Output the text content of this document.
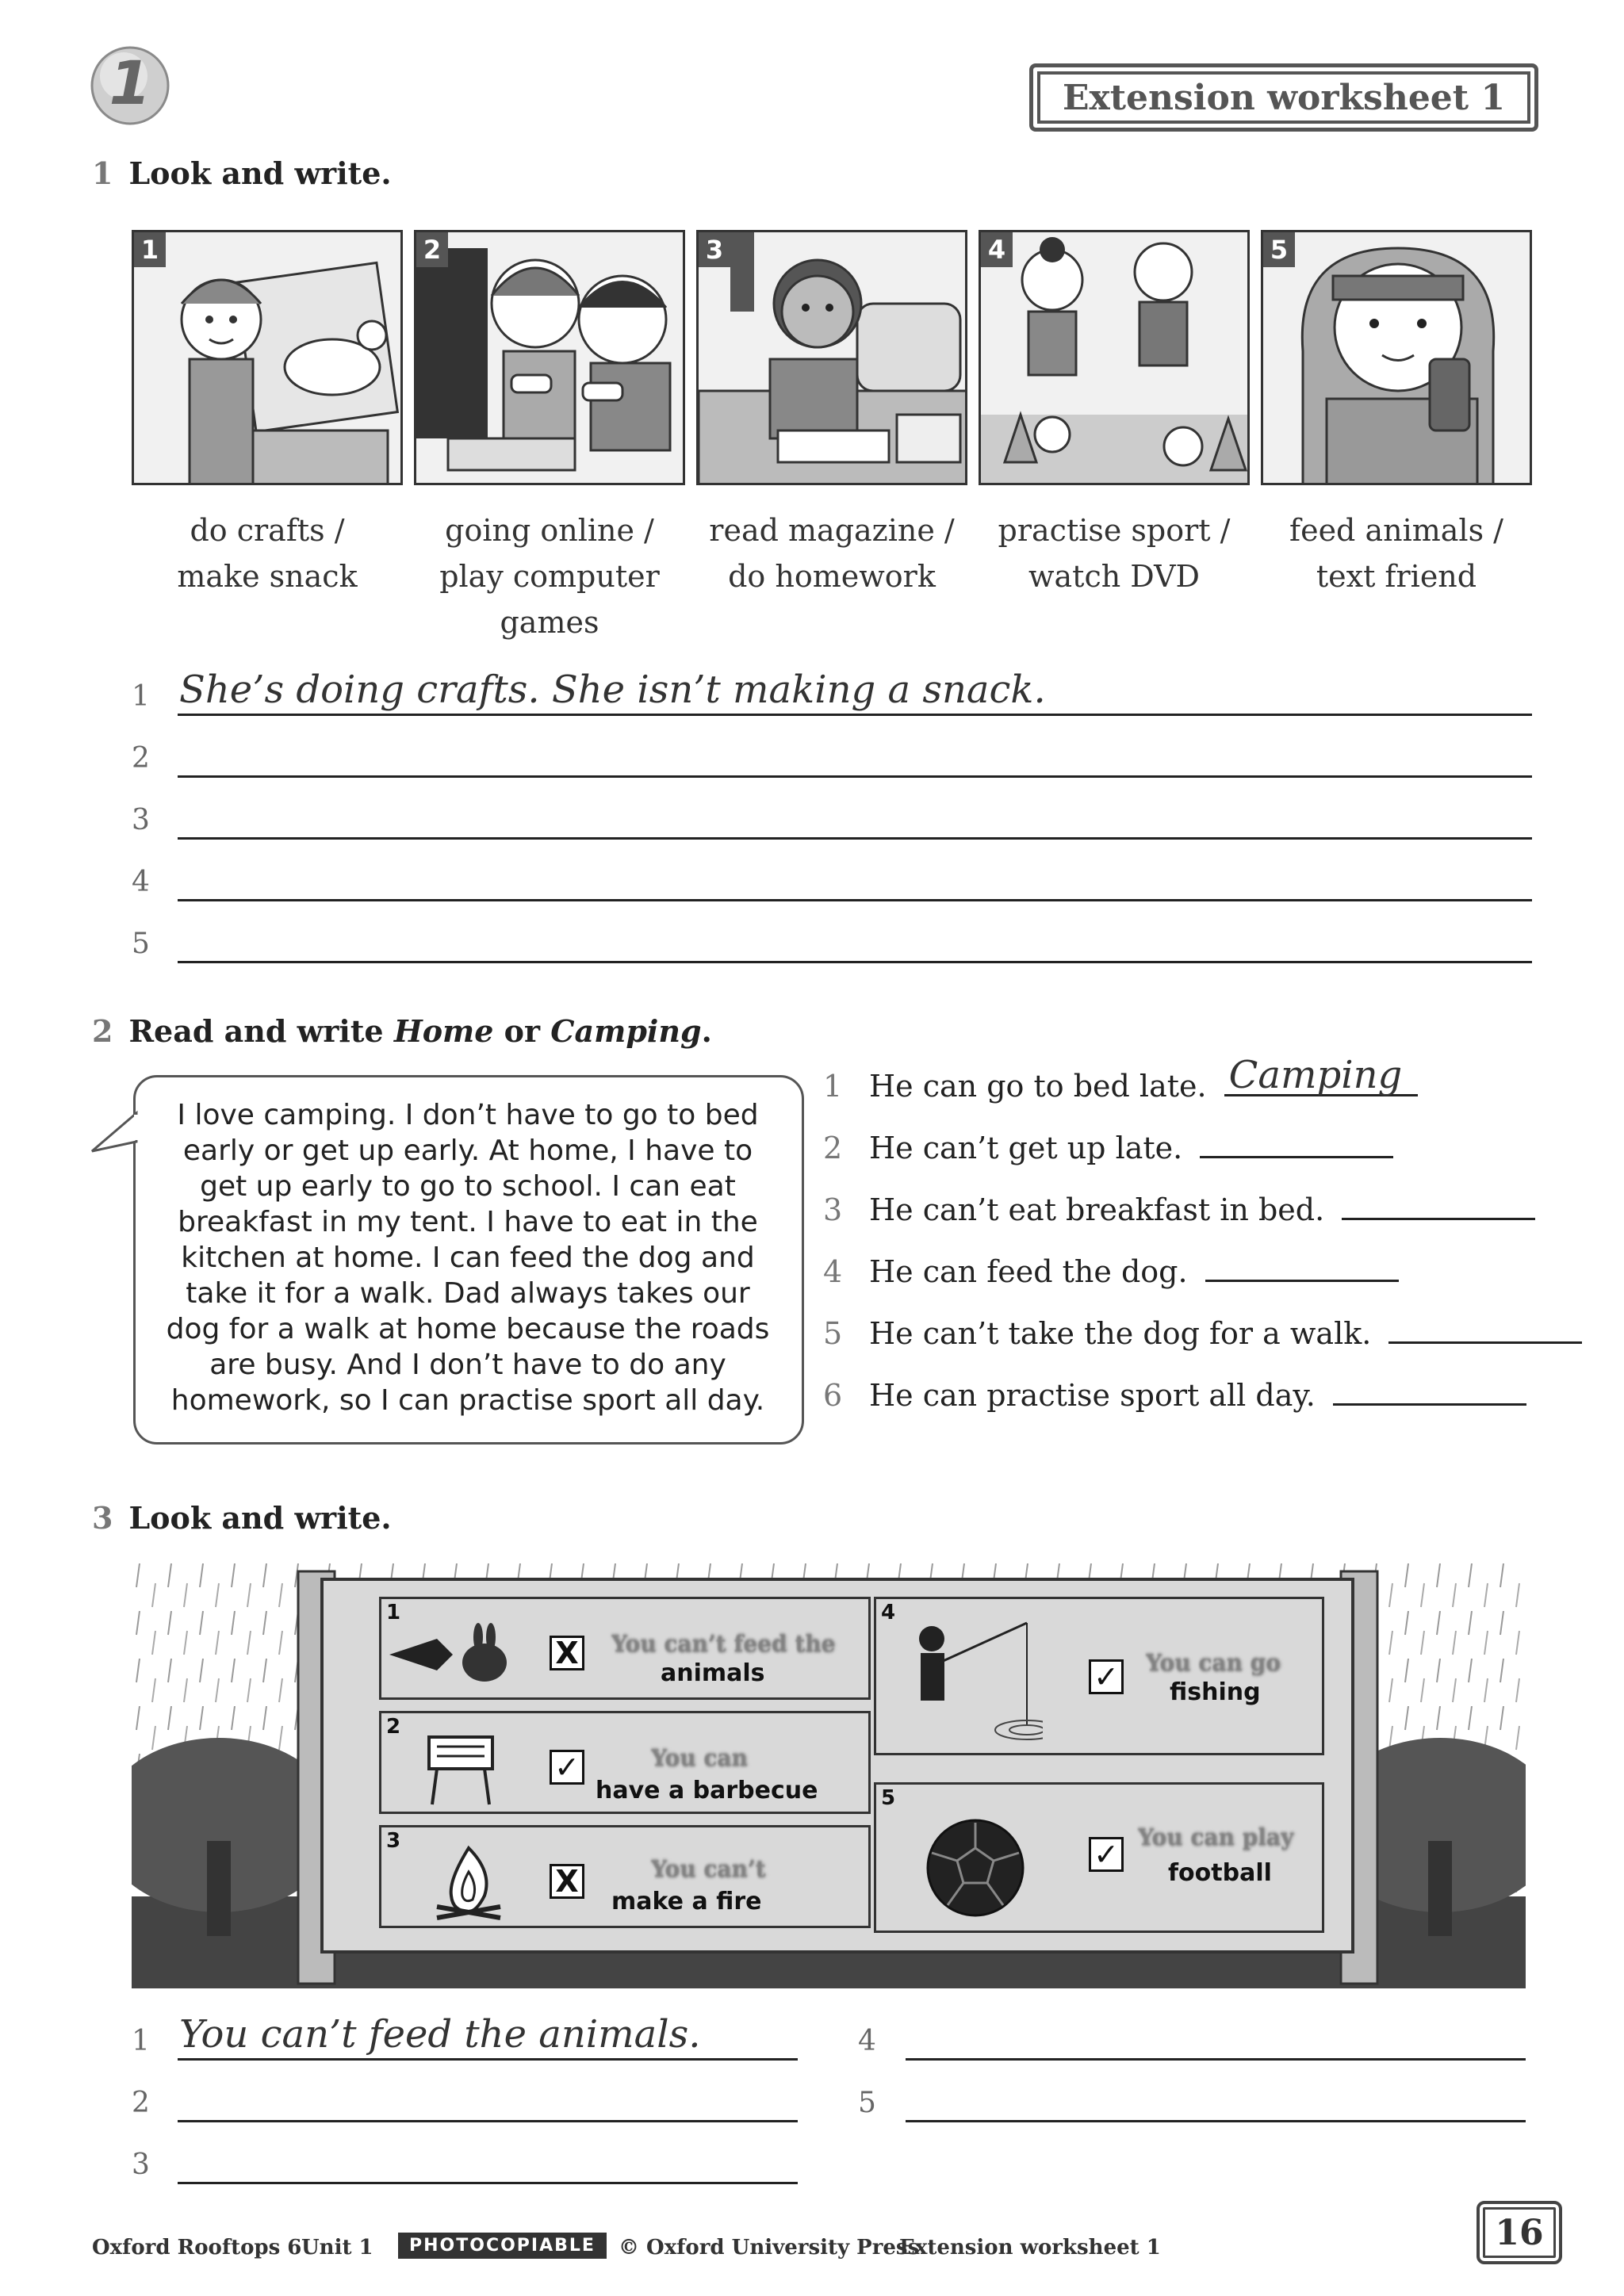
1	Extension worksheet 1
1 Look and write.
1	2	3	4	5
do crafts /
make snack
going online /
play computer
games
read magazine /
do homework
practise sport /
watch DVD
feed animals /
text friend
1 She’s doing crafts. She isn’t making a snack.
2
3
4
5
2 Read and write Home or Camping.
I love camping. I don’t have to go to bed early or get up early. At home, I have to get up early to go to school. I can eat breakfast in my tent. I have to eat in the kitchen at home. I can feed the dog and take it for a walk. Dad always takes our dog for a walk at home because the roads are busy. And I don’t have to do any homework, so I can practise sport all day.
1 He can go to bed late. Camping
2 He can’t get up late.
3 He can’t eat breakfast in bed.
4 He can feed the dog.
5 He can’t take the dog for a walk.
6 He can practise sport all day.
3 Look and write.
1
X You can’t feed the
animals
2
✓	You can
have a barbecue
3
X	You can’t
make a fire
4
✓ You can go
fishing
5
✓ You can play
football
1 You can’t feed the animals.
2
3
4
5
Oxford Rooftops 6 Unit 1	PHOTOCOPIABLE	© Oxford University Press
Extension worksheet 1	16
